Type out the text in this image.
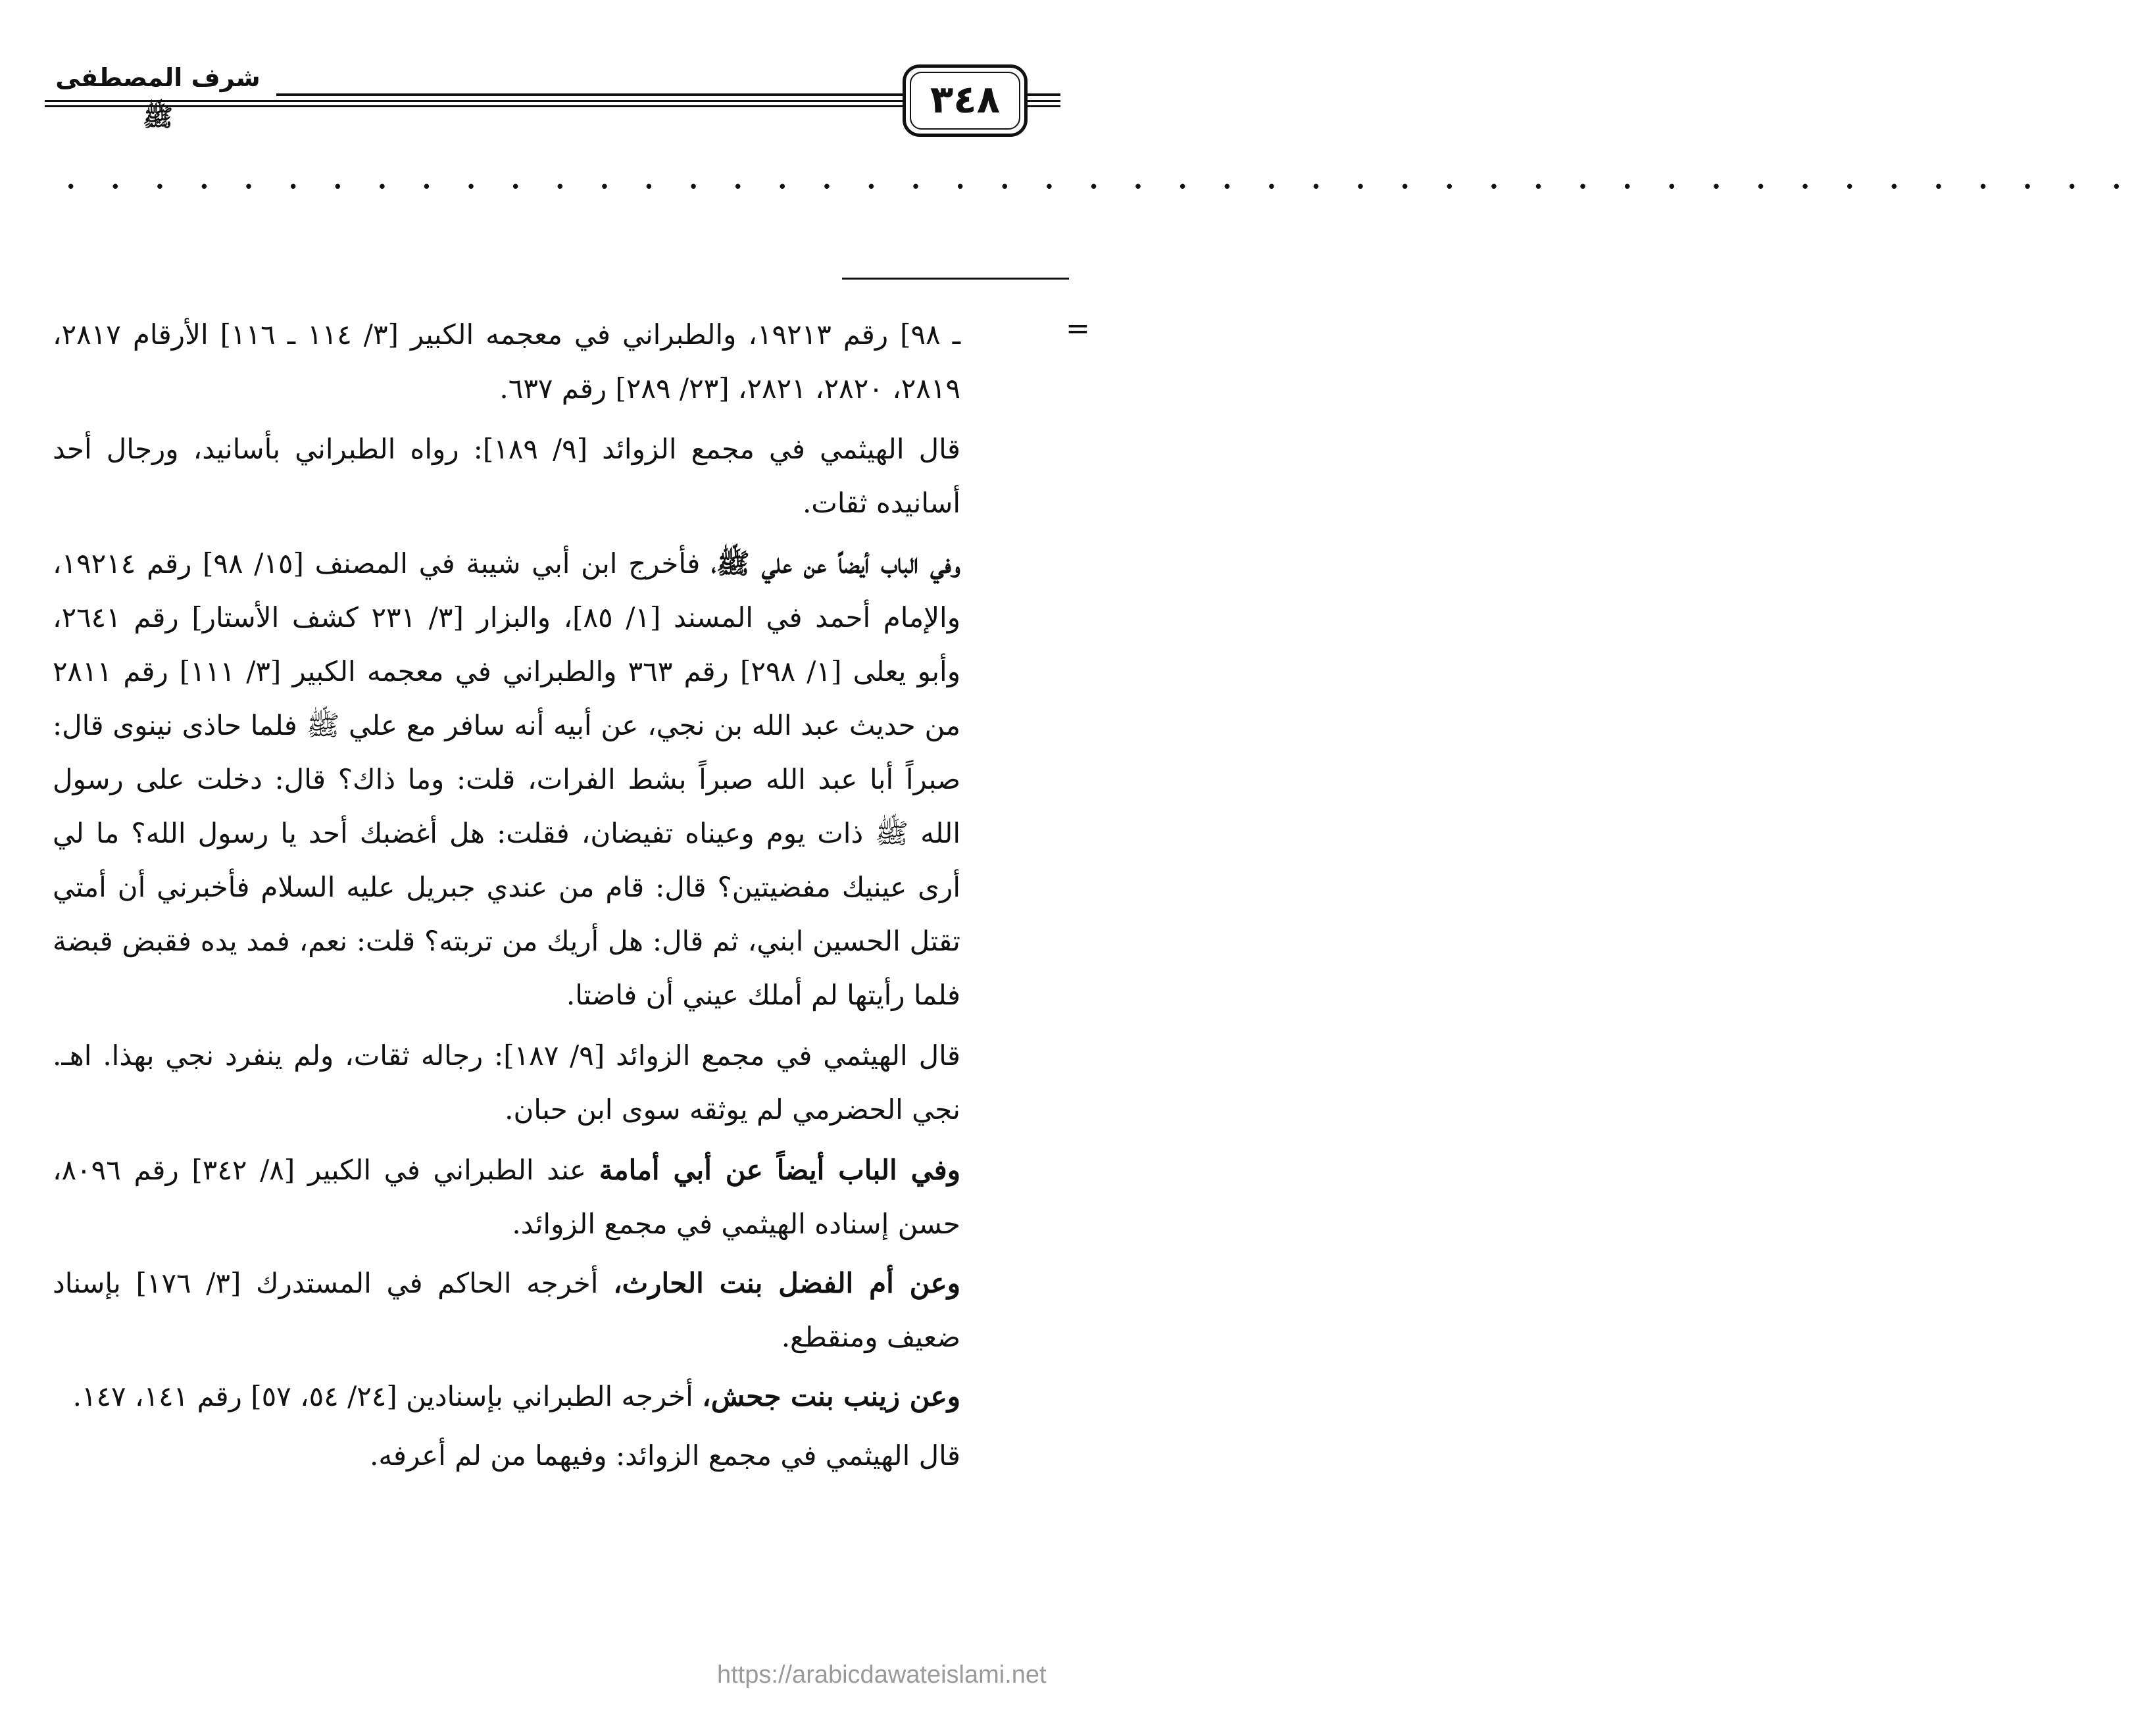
شرف المصطفى ﷺ	٣٤٨
• • • • • • • • • • • • • • • • • • • • • • • • • • • • • • • • • • • • • • • • • • • • • • •
=

ـ ٩٨] رقم ١٩٢١٣، والطبراني في معجمه الكبير [٣/ ١١٤ ـ ١١٦] الأرقام ٢٨١٧، ٢٨١٩، ٢٨٢٠، ٢٨٢١، [٢٣/ ٢٨٩] رقم ٦٣٧.

قال الهيثمي في مجمع الزوائد [٩/ ١٨٩]: رواه الطبراني بأسانيد، ورجال أحد أسانيده ثقات.

وفي الباب أيضاً عن علي ﷺ، فأخرج ابن أبي شيبة في المصنف [١٥/ ٩٨] رقم ١٩٢١٤، والإمام أحمد في المسند [١/ ٨٥]، والبزار [٣/ ٢٣١ كشف الأستار] رقم ٢٦٤١، وأبو يعلى [١/ ٢٩٨] رقم ٣٦٣ والطبراني في معجمه الكبير [٣/ ١١١] رقم ٢٨١١ من حديث عبد الله بن نجي، عن أبيه أنه سافر مع علي ﷺ فلما حاذى نينوى قال: صبراً أبا عبد الله صبراً بشط الفرات، قلت: وما ذاك؟ قال: دخلت على رسول الله ﷺ ذات يوم وعيناه تفيضان، فقلت: هل أغضبك أحد يا رسول الله؟ ما لي أرى عينيك مفضيتين؟ قال: قام من عندي جبريل عليه السلام فأخبرني أن أمتي تقتل الحسين ابني، ثم قال: هل أريك من تربته؟ قلت: نعم، فمد يده فقبض قبضة فلما رأيتها لم أملك عيني أن فاضتا.

قال الهيثمي في مجمع الزوائد [٩/ ١٨٧]: رجاله ثقات، ولم ينفرد نجي بهذا. اهـ. نجي الحضرمي لم يوثقه سوى ابن حبان.

وفي الباب أيضاً عن أبي أمامة عند الطبراني في الكبير [٨/ ٣٤٢] رقم ٨٠٩٦، حسن إسناده الهيثمي في مجمع الزوائد.

وعن أم الفضل بنت الحارث، أخرجه الحاكم في المستدرك [٣/ ١٧٦] بإسناد ضعيف ومنقطع.

وعن زينب بنت جحش، أخرجه الطبراني بإسنادين [٢٤/ ٥٤، ٥٧] رقم ١٤١، ١٤٧.

قال الهيثمي في مجمع الزوائد: وفيهما من لم أعرفه.

https://arabicdawateislami.net
